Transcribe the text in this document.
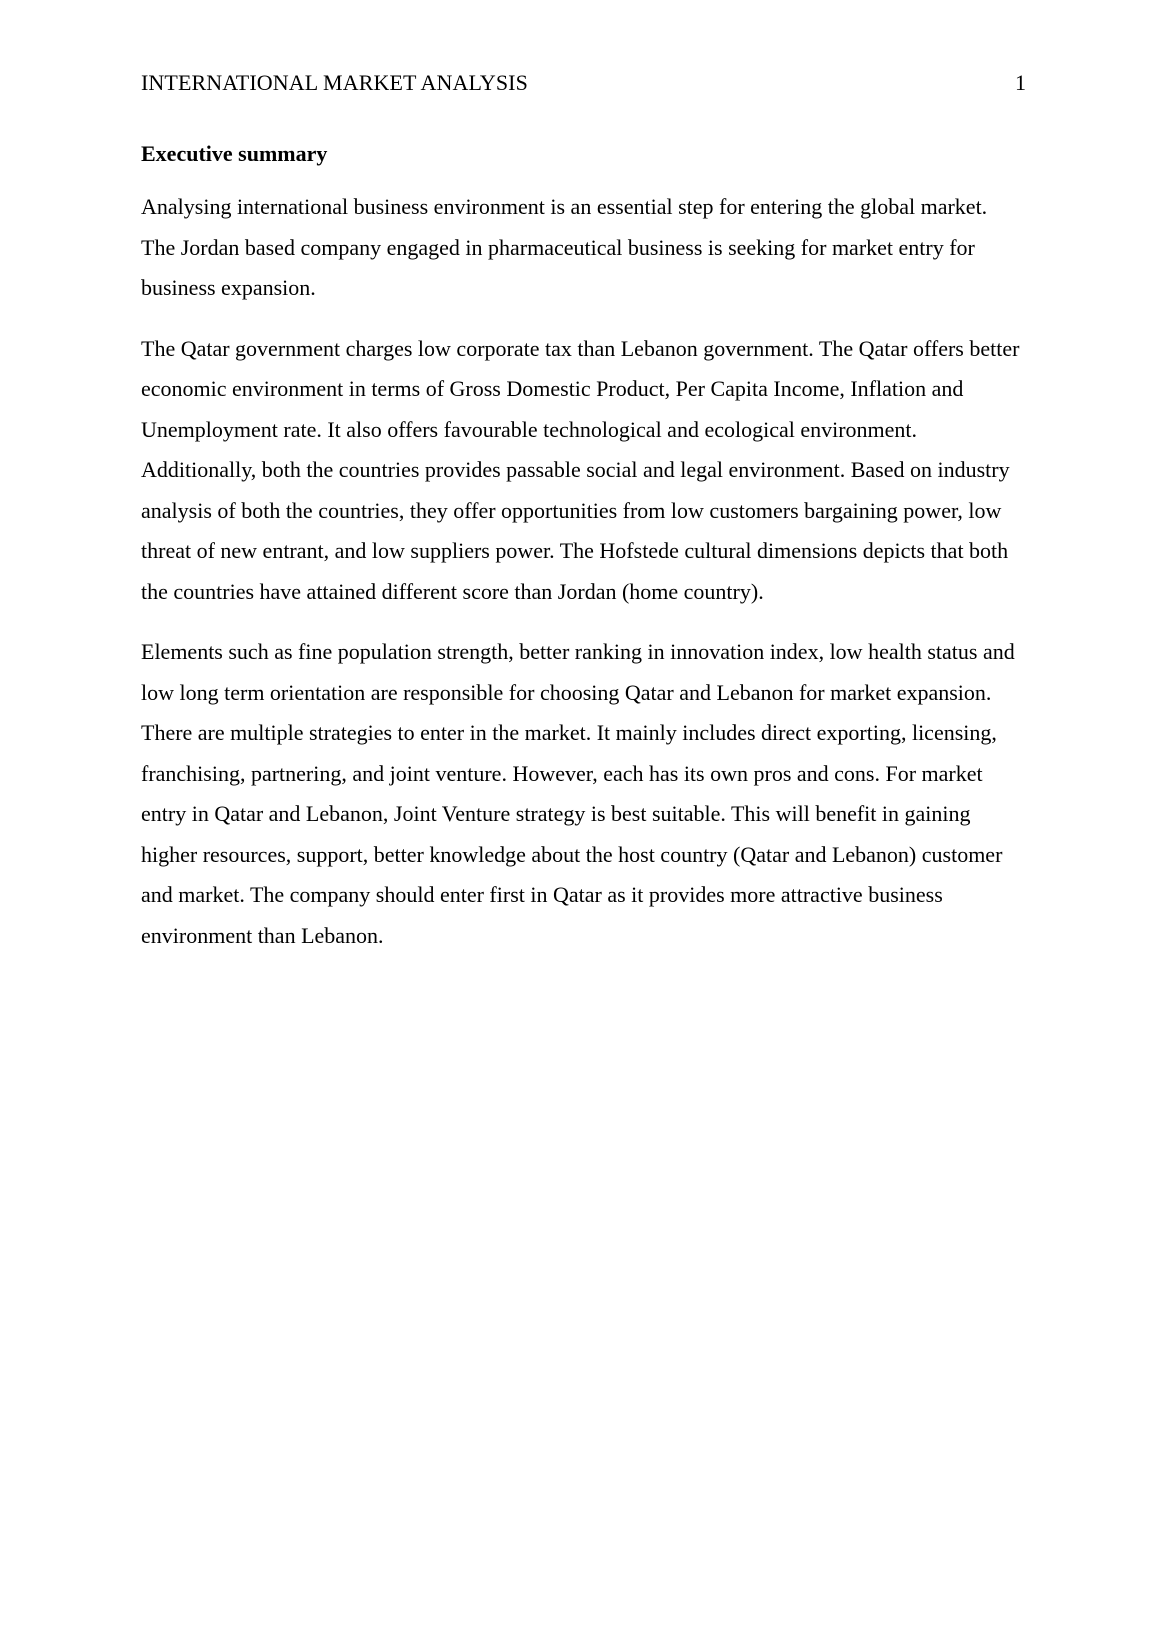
INTERNATIONAL MARKET ANALYSIS	1
Executive summary

Analysing international business environment is an essential step for entering the global market. The Jordan based company engaged in pharmaceutical business is seeking for market entry for business expansion.

The Qatar government charges low corporate tax than Lebanon government. The Qatar offers better economic environment in terms of Gross Domestic Product, Per Capita Income, Inflation and Unemployment rate. It also offers favourable technological and ecological environment. Additionally, both the countries provides passable social and legal environment. Based on industry analysis of both the countries, they offer opportunities from low customers bargaining power, low threat of new entrant, and low suppliers power. The Hofstede cultural dimensions depicts that both the countries have attained different score than Jordan (home country).

Elements such as fine population strength, better ranking in innovation index, low health status and low long term orientation are responsible for choosing Qatar and Lebanon for market expansion. There are multiple strategies to enter in the market. It mainly includes direct exporting, licensing, franchising, partnering, and joint venture. However, each has its own pros and cons. For market entry in Qatar and Lebanon, Joint Venture strategy is best suitable. This will benefit in gaining higher resources, support, better knowledge about the host country (Qatar and Lebanon) customer and market. The company should enter first in Qatar as it provides more attractive business environment than Lebanon.
